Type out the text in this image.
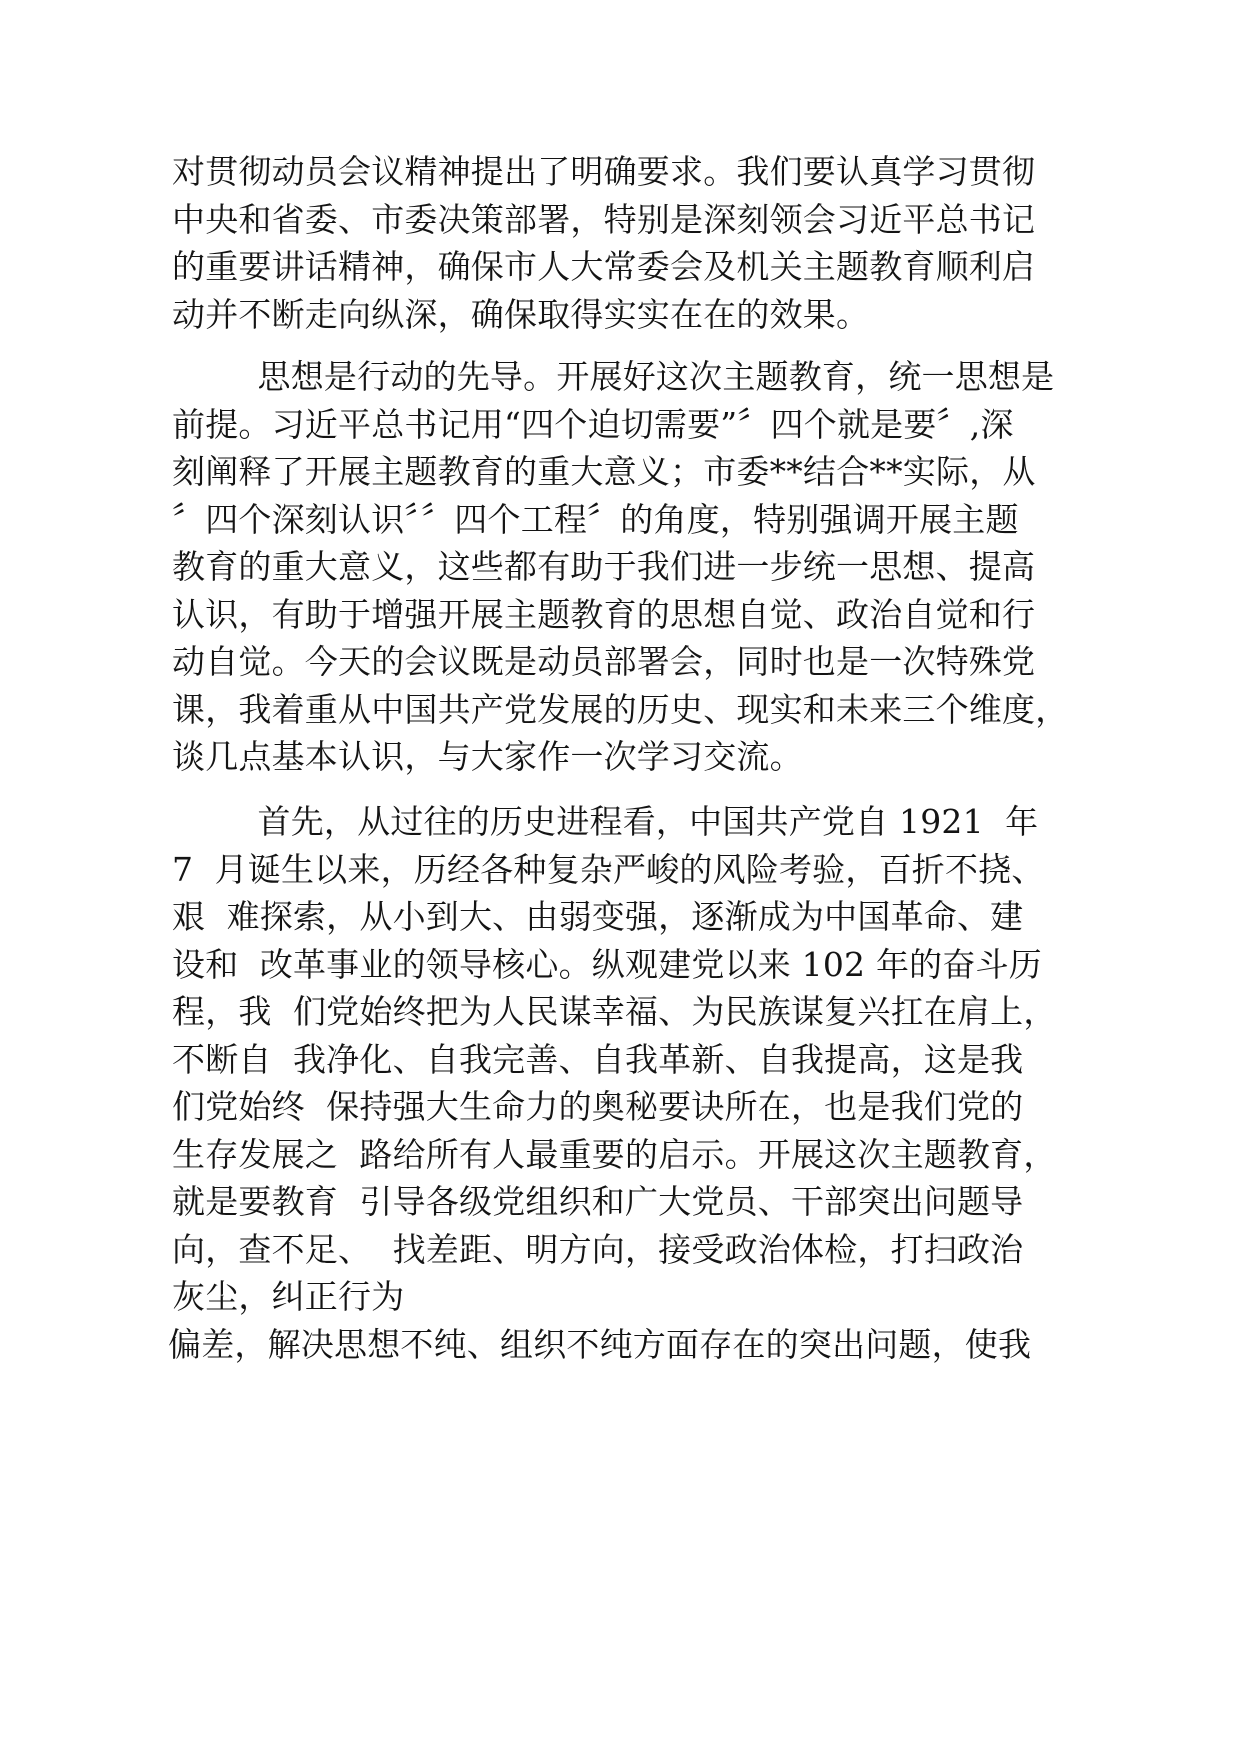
对贯彻动员会议精神提出了明确要求。我们要认真学习贯彻
中央和省委、市委决策部署，特别是深刻领会习近平总书记
的重要讲话精神，确保市人大常委会及机关主题教育顺利启
动并不断走向纵深，确保取得实实在在的效果。
思想是行动的先导。开展好这次主题教育，统一思想是
前提。习近平总书记用“四个迫切需要”〞四个就是要〞,深
刻阐释了开展主题教育的重大意义；市委**结合**实际，从
〞四个深刻认识〞〞四个工程〞的角度，特别强调开展主题
教育的重大意义，这些都有助于我们进一步统一思想、提高
认识，有助于增强开展主题教育的思想自觉、政治自觉和行
动自觉。今天的会议既是动员部署会，同时也是一次特殊党
课，我着重从中国共产党发展的历史、现实和未来三个维度，
谈几点基本认识，与大家作一次学习交流。
首先，从过往的历史进程看，中国共产党自 1921  年
7  月诞生以来，历经各种复杂严峻的风险考验，百折不挠、
艰  难探索，从小到大、由弱变强，逐渐成为中国革命、建
设和  改革事业的领导核心。纵观建党以来 102 年的奋斗历
程，我  们党始终把为人民谋幸福、为民族谋复兴扛在肩上，
不断自  我净化、自我完善、自我革新、自我提高，这是我
们党始终  保持强大生命力的奥秘要诀所在，也是我们党的
生存发展之  路给所有人最重要的启示。开展这次主题教育，
就是要教育  引导各级党组织和广大党员、干部突出问题导
向，查不足、  找差距、明方向，接受政治体检，打扫政治
灰尘，纠正行为
偏差，解决思想不纯、组织不纯方面存在的突出问题，使我
